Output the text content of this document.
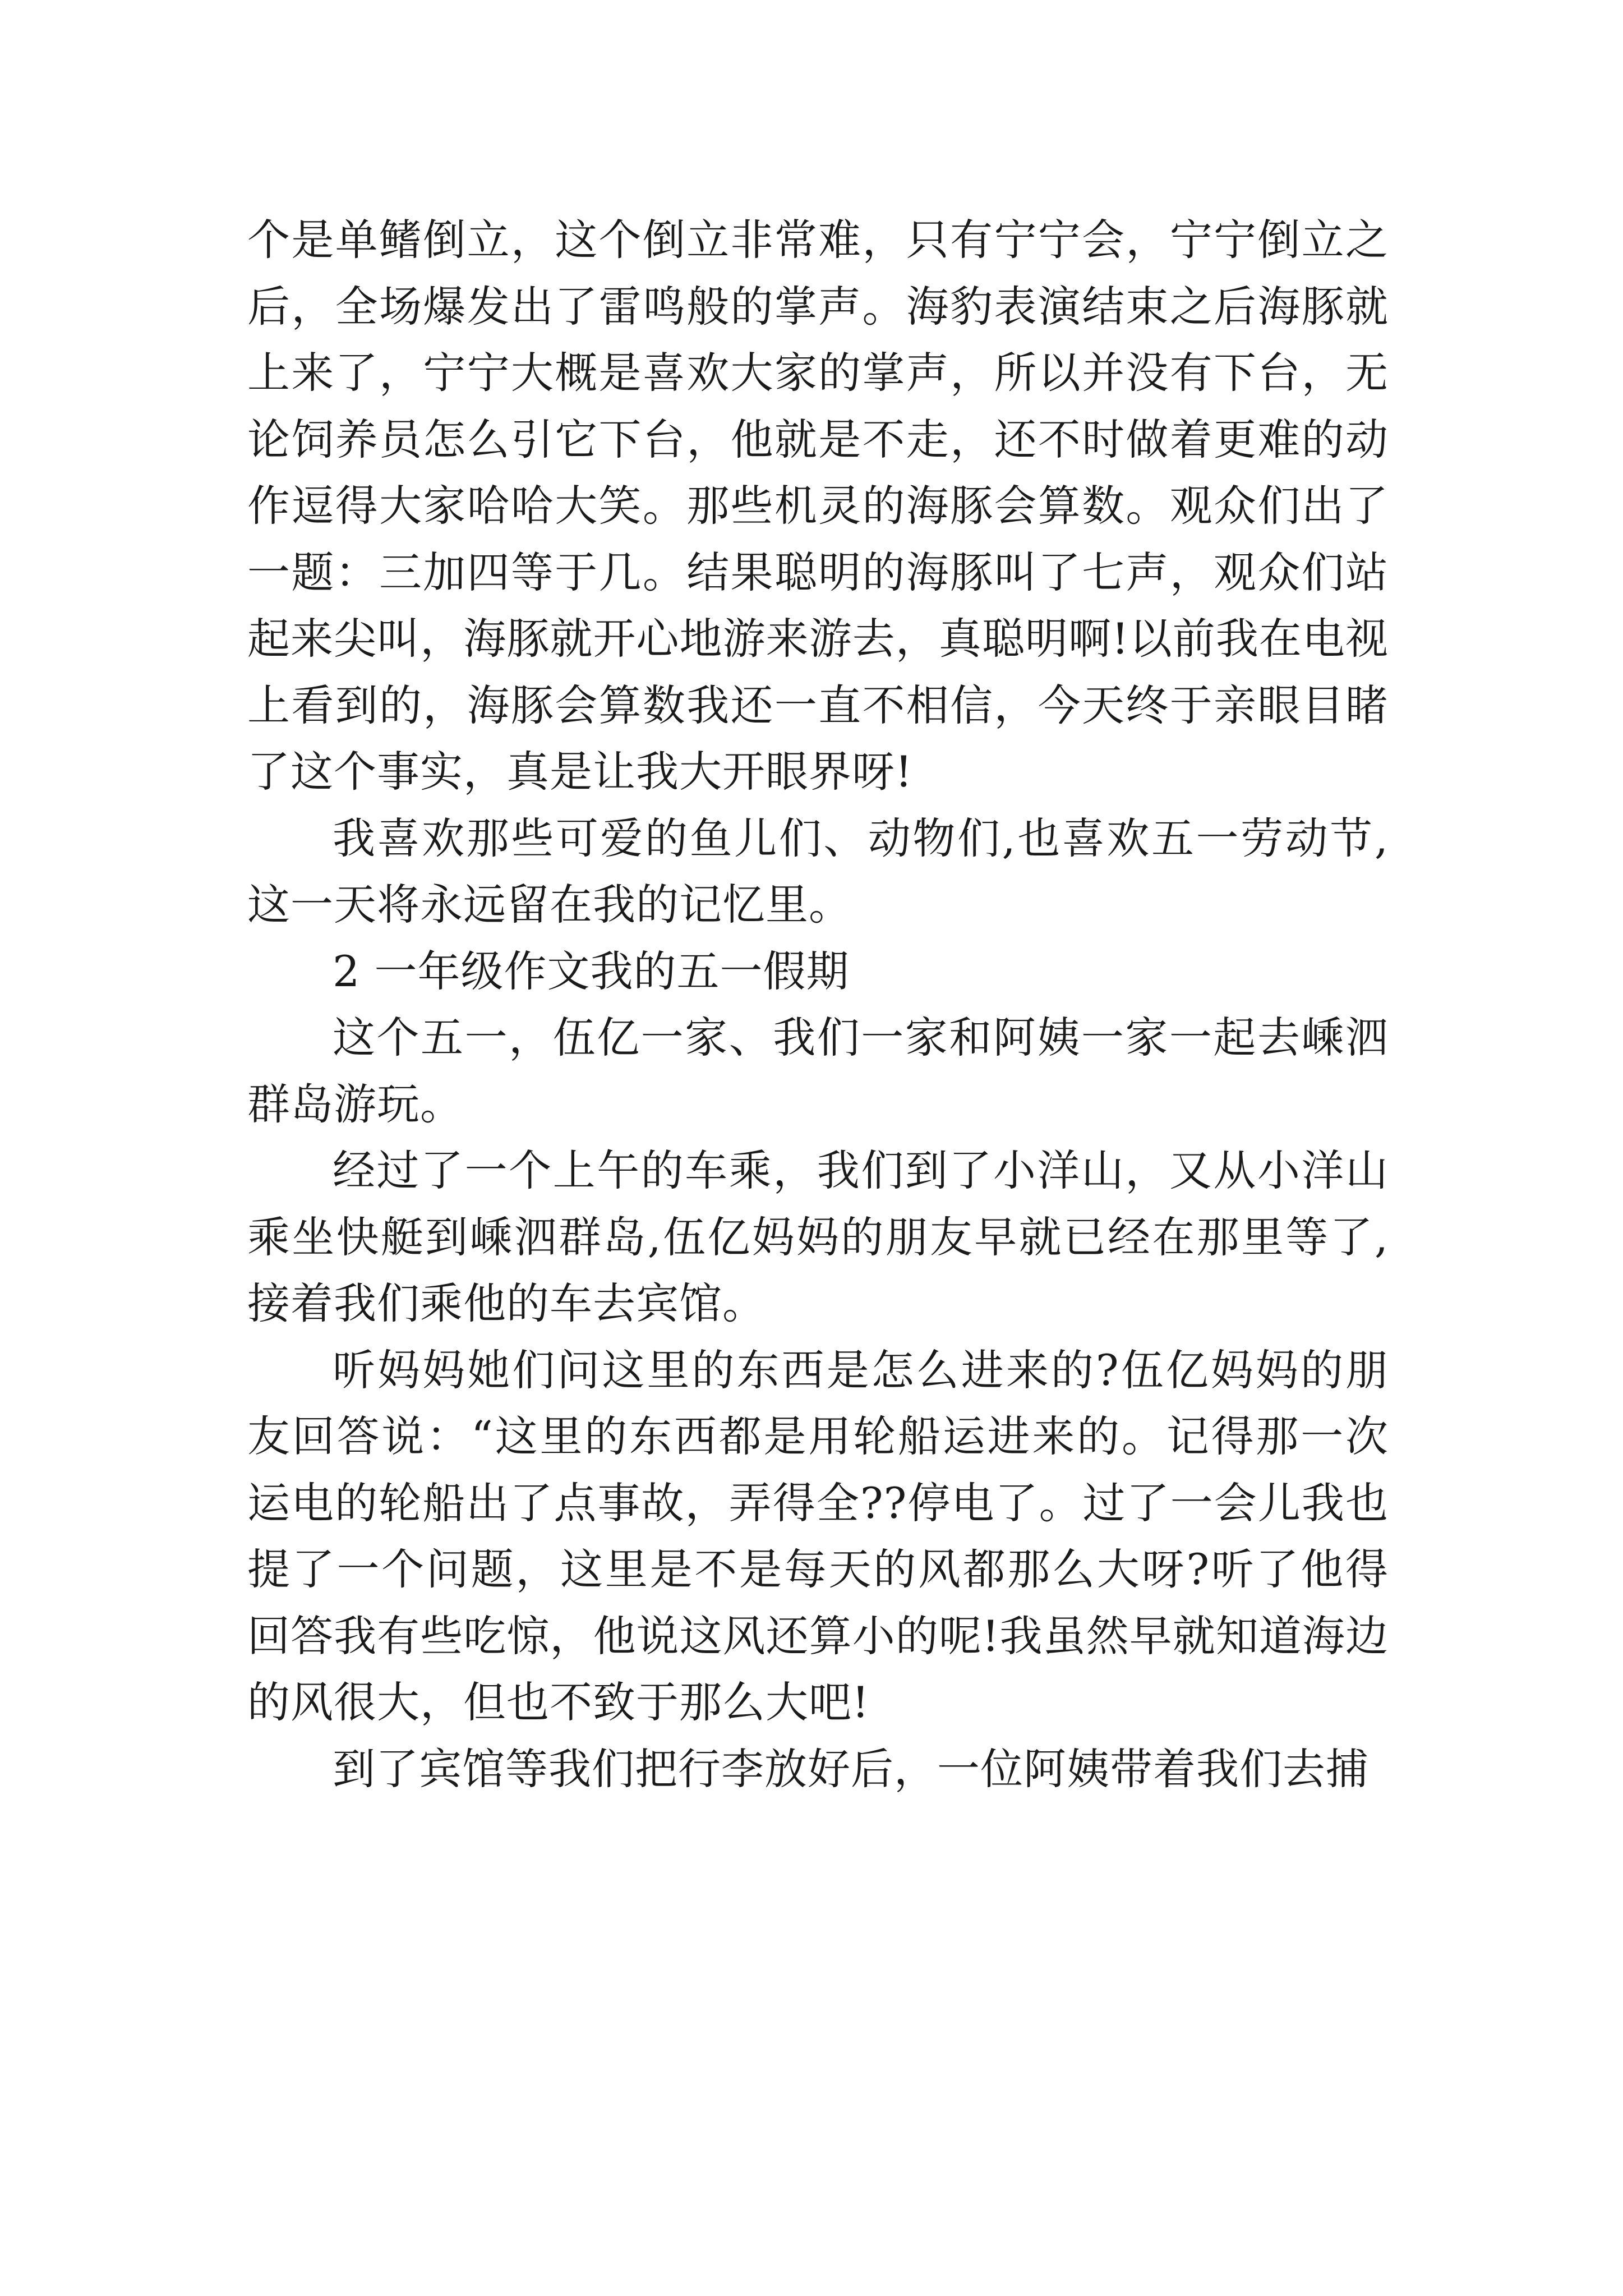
个是单鳍倒立，这个倒立非常难，只有宁宁会，宁宁倒立之后，全场爆发出了雷鸣般的掌声。海豹表演结束之后海豚就上来了，宁宁大概是喜欢大家的掌声，所以并没有下台，无论饲养员怎么引它下台，他就是不走，还不时做着更难的动作逗得大家哈哈大笑。那些机灵的海豚会算数。观众们出了一题：三加四等于几。结果聪明的海豚叫了七声，观众们站起来尖叫，海豚就开心地游来游去，真聪明啊!以前我在电视上看到的，海豚会算数我还一直不相信，今天终于亲眼目睹了这个事实，真是让我大开眼界呀!

我喜欢那些可爱的鱼儿们、动物们,也喜欢五一劳动节,这一天将永远留在我的记忆里。

2 一年级作文我的五一假期

这个五一，伍亿一家、我们一家和阿姨一家一起去嵊泗群岛游玩。

经过了一个上午的车乘，我们到了小洋山，又从小洋山乘坐快艇到嵊泗群岛,伍亿妈妈的朋友早就已经在那里等了,接着我们乘他的车去宾馆。

听妈妈她们问这里的东西是怎么进来的?伍亿妈妈的朋友回答说：“这里的东西都是用轮船运进来的。记得那一次运电的轮船出了点事故，弄得全??停电了。过了一会儿我也提了一个问题，这里是不是每天的风都那么大呀?听了他得回答我有些吃惊，他说这风还算小的呢!我虽然早就知道海边的风很大，但也不致于那么大吧!

到了宾馆等我们把行李放好后，一位阿姨带着我们去捕
